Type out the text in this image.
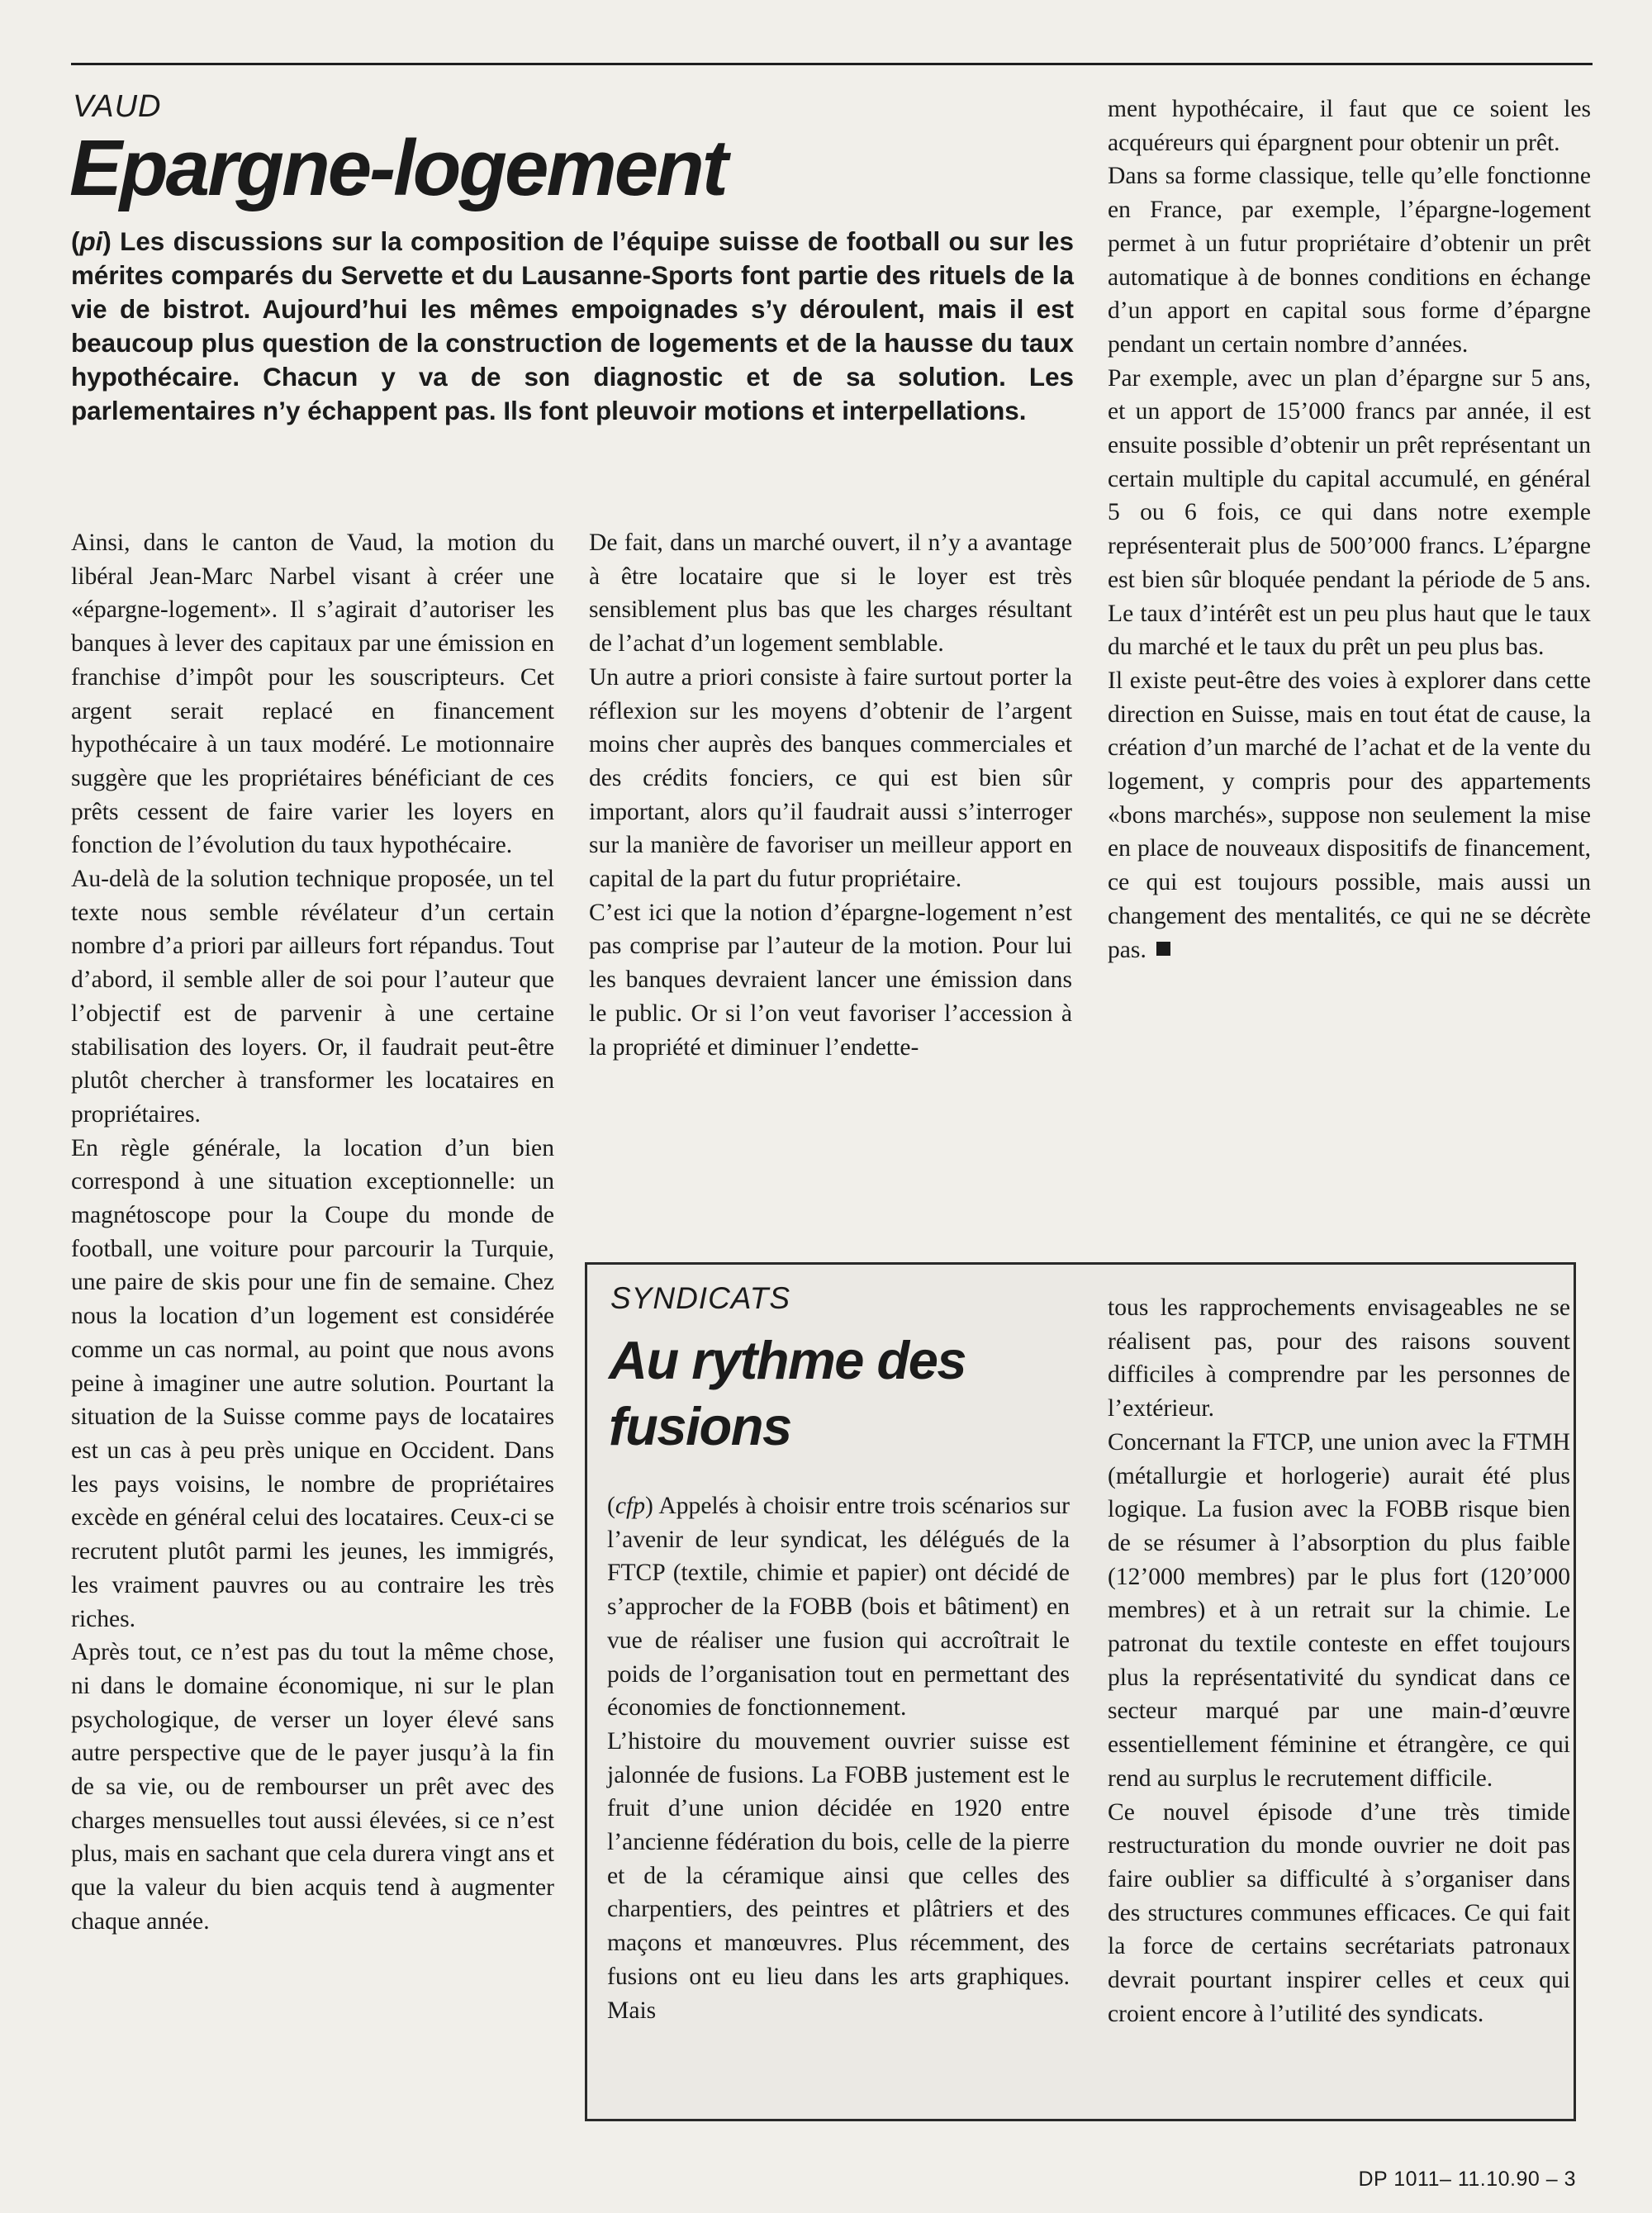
VAUD
Epargne-logement

(pi) Les discussions sur la composition de l’équipe suisse de football ou sur les mérites comparés du Servette et du Lausanne-Sports font partie des rituels de la vie de bistrot. Aujourd’hui les mêmes empoignades s’y déroulent, mais il est beaucoup plus question de la construction de logements et de la hausse du taux hypothécaire. Chacun y va de son diagnostic et de sa solution. Les parlementaires n’y échappent pas. Ils font pleuvoir motions et interpellations.

Ainsi, dans le canton de Vaud, la motion du libéral Jean-Marc Narbel visant à créer une «épargne-logement». Il s’agirait d’autoriser les banques à lever des capitaux par une émission en franchise d’impôt pour les souscripteurs. Cet argent serait replacé en financement hypothécaire à un taux modéré. Le motionnaire suggère que les propriétaires bénéficiant de ces prêts cessent de faire varier les loyers en fonction de l’évolution du taux hypothécaire.

Au-delà de la solution technique proposée, un tel texte nous semble révélateur d’un certain nombre d’a priori par ailleurs fort répandus. Tout d’abord, il semble aller de soi pour l’auteur que l’objectif est de parvenir à une certaine stabilisation des loyers. Or, il faudrait peut-être plutôt chercher à transformer les locataires en propriétaires.

En règle générale, la location d’un bien correspond à une situation exceptionnelle: un magnétoscope pour la Coupe du monde de football, une voiture pour parcourir la Turquie, une paire de skis pour une fin de semaine. Chez nous la location d’un logement est considérée comme un cas normal, au point que nous avons peine à imaginer une autre solution. Pourtant la situation de la Suisse comme pays de locataires est un cas à peu près unique en Occident. Dans les pays voisins, le nombre de propriétaires excède en général celui des locataires. Ceux-ci se recrutent plutôt parmi les jeunes, les immigrés, les vraiment pauvres ou au contraire les très riches.

Après tout, ce n’est pas du tout la même chose, ni dans le domaine économique, ni sur le plan psychologique, de verser un loyer élevé sans autre perspective que de le payer jusqu’à la fin de sa vie, ou de rembourser un prêt avec des charges mensuelles tout aussi élevées, si ce n’est plus, mais en sachant que cela durera vingt ans et que la valeur du bien acquis tend à augmenter chaque année.

De fait, dans un marché ouvert, il n’y a avantage à être locataire que si le loyer est très sensiblement plus bas que les charges résultant de l’achat d’un logement semblable.

Un autre a priori consiste à faire surtout porter la réflexion sur les moyens d’obtenir de l’argent moins cher auprès des banques commerciales et des crédits fonciers, ce qui est bien sûr important, alors qu’il faudrait aussi s’interroger sur la manière de favoriser un meilleur apport en capital de la part du futur propriétaire.

C’est ici que la notion d’épargne-logement n’est pas comprise par l’auteur de la motion. Pour lui les banques devraient lancer une émission dans le public. Or si l’on veut favoriser l’accession à la propriété et diminuer l’endette-

ment hypothécaire, il faut que ce soient les acquéreurs qui épargnent pour obtenir un prêt.

Dans sa forme classique, telle qu’elle fonctionne en France, par exemple, l’épargne-logement permet à un futur propriétaire d’obtenir un prêt automatique à de bonnes conditions en échange d’un apport en capital sous forme d’épargne pendant un certain nombre d’années.

Par exemple, avec un plan d’épargne sur 5 ans, et un apport de 15’000 francs par année, il est ensuite possible d’obtenir un prêt représentant un certain multiple du capital accumulé, en général 5 ou 6 fois, ce qui dans notre exemple représenterait plus de 500’000 francs. L’épargne est bien sûr bloquée pendant la période de 5 ans. Le taux d’intérêt est un peu plus haut que le taux du marché et le taux du prêt un peu plus bas.

Il existe peut-être des voies à explorer dans cette direction en Suisse, mais en tout état de cause, la création d’un marché de l’achat et de la vente du logement, y compris pour des appartements «bons marchés», suppose non seulement la mise en place de nouveaux dispositifs de financement, ce qui est toujours possible, mais aussi un changement des mentalités, ce qui ne se décrète pas.

SYNDICATS
Au rythme des
fusions

(cfp) Appelés à choisir entre trois scénarios sur l’avenir de leur syndicat, les délégués de la FTCP (textile, chimie et papier) ont décidé de s’approcher de la FOBB (bois et bâtiment) en vue de réaliser une fusion qui accroîtrait le poids de l’organisation tout en permettant des économies de fonctionnement.

L’histoire du mouvement ouvrier suisse est jalonnée de fusions. La FOBB justement est le fruit d’une union décidée en 1920 entre l’ancienne fédération du bois, celle de la pierre et de la céramique ainsi que celles des charpentiers, des peintres et plâtriers et des maçons et manœuvres. Plus récemment, des fusions ont eu lieu dans les arts graphiques. Mais

tous les rapprochements envisageables ne se réalisent pas, pour des raisons souvent difficiles à comprendre par les personnes de l’extérieur.

Concernant la FTCP, une union avec la FTMH (métallurgie et horlogerie) aurait été plus logique. La fusion avec la FOBB risque bien de se résumer à l’absorption du plus faible (12’000 membres) par le plus fort (120’000 membres) et à un retrait sur la chimie. Le patronat du textile conteste en effet toujours plus la représentativité du syndicat dans ce secteur marqué par une main-d’œuvre essentiellement féminine et étrangère, ce qui rend au surplus le recrutement difficile.

Ce nouvel épisode d’une très timide restructuration du monde ouvrier ne doit pas faire oublier sa difficulté à s’organiser dans des structures communes efficaces. Ce qui fait la force de certains secrétariats patronaux devrait pourtant inspirer celles et ceux qui croient encore à l’utilité des syndicats.

DP 1011– 11.10.90 – 3
